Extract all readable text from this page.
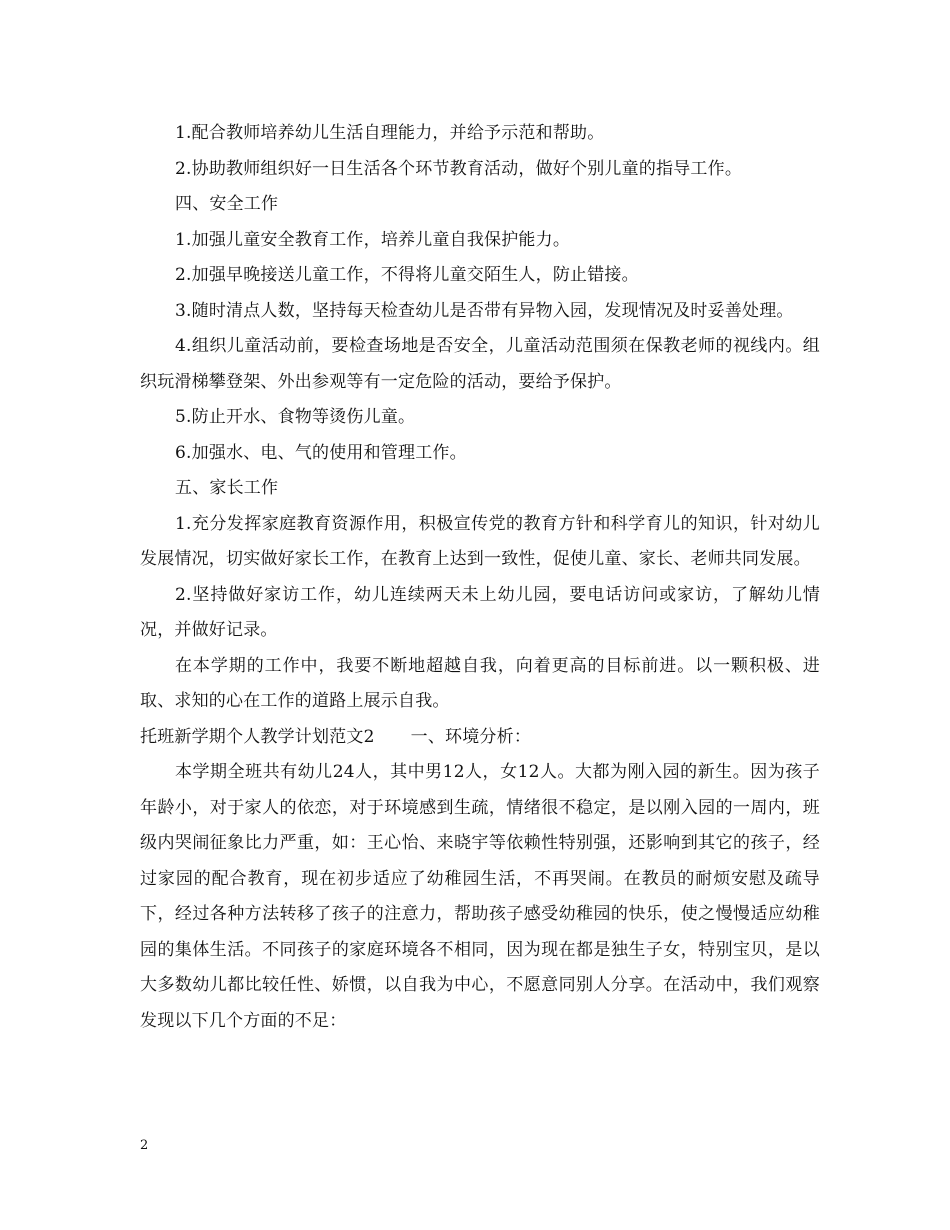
1.配合教师培养幼儿生活自理能力，并给予示范和帮助。

2.协助教师组织好一日生活各个环节教育活动，做好个别儿童的指导工作。

四、安全工作

1.加强儿童安全教育工作，培养儿童自我保护能力。

2.加强早晚接送儿童工作，不得将儿童交陌生人，防止错接。

3.随时清点人数，坚持每天检查幼儿是否带有异物入园，发现情况及时妥善处理。

4.组织儿童活动前，要检查场地是否安全，儿童活动范围须在保教老师的视线内。组织玩滑梯攀登架、外出参观等有一定危险的活动，要给予保护。

5.防止开水、食物等烫伤儿童。

6.加强水、电、气的使用和管理工作。

五、家长工作

1.充分发挥家庭教育资源作用，积极宣传党的教育方针和科学育儿的知识，针对幼儿发展情况，切实做好家长工作，在教育上达到一致性，促使儿童、家长、老师共同发展。

2.坚持做好家访工作，幼儿连续两天未上幼儿园，要电话访问或家访，了解幼儿情况，并做好记录。

在本学期的工作中，我要不断地超越自我，向着更高的目标前进。以一颗积极、进取、求知的心在工作的道路上展示自我。

托班新学期个人教学计划范文2 一、环境分析：

本学期全班共有幼儿24人，其中男12人，女12人。大都为刚入园的新生。因为孩子年龄小，对于家人的依恋，对于环境感到生疏，情绪很不稳定，是以刚入园的一周内，班级内哭闹征象比力严重，如：王心怡、来晓宇等依赖性特别强，还影响到其它的孩子，经过家园的配合教育，现在初步适应了幼稚园生活，不再哭闹。在教员的耐烦安慰及疏导下，经过各种方法转移了孩子的注意力，帮助孩子感受幼稚园的快乐，使之慢慢适应幼稚园的集体生活。不同孩子的家庭环境各不相同，因为现在都是独生子女，特别宝贝，是以大多数幼儿都比较任性、娇惯，以自我为中心，不愿意同别人分享。在活动中，我们观察发现以下几个方面的不足：

2
